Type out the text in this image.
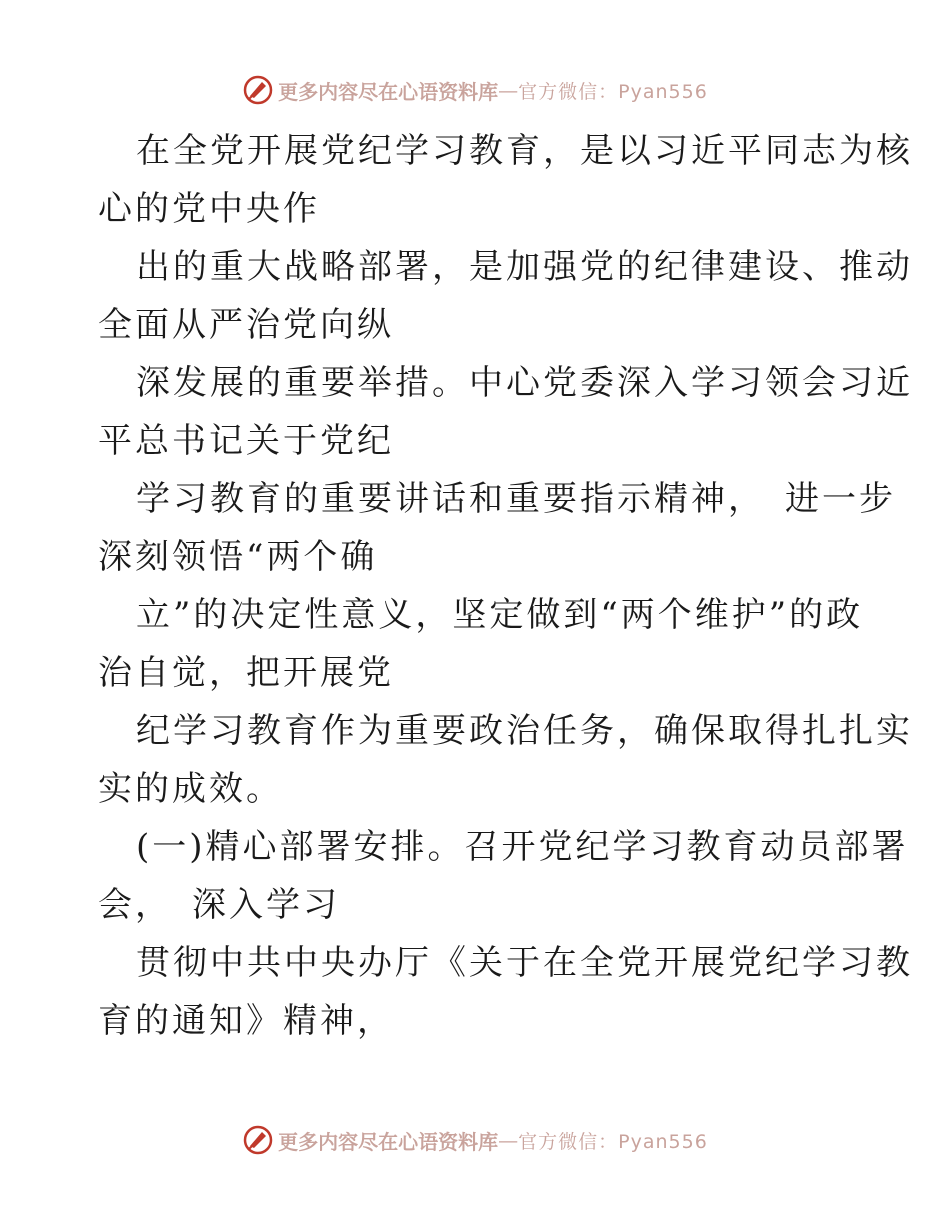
更多内容尽在心语资料库 — 官方微信：Pyan556
在全党开展党纪学习教育，是以习近平同志为核
心的党中央作
出的重大战略部署，是加强党的纪律建设、推动
全面从严治党向纵
深发展的重要举措。中心党委深入学习领会习近
平总书记关于党纪
学习教育的重要讲话和重要指示精神，　进一步
深刻领悟“两个确
立”的决定性意义，坚定做到“两个维护”的政
治自觉，把开展党
纪学习教育作为重要政治任务，确保取得扎扎实
实的成效。
(一)精心部署安排。召开党纪学习教育动员部署
会，　深入学习
贯彻中共中央办厅《关于在全党开展党纪学习教
育的通知》精神，
更多内容尽在心语资料库 — 官方微信：Pyan556
